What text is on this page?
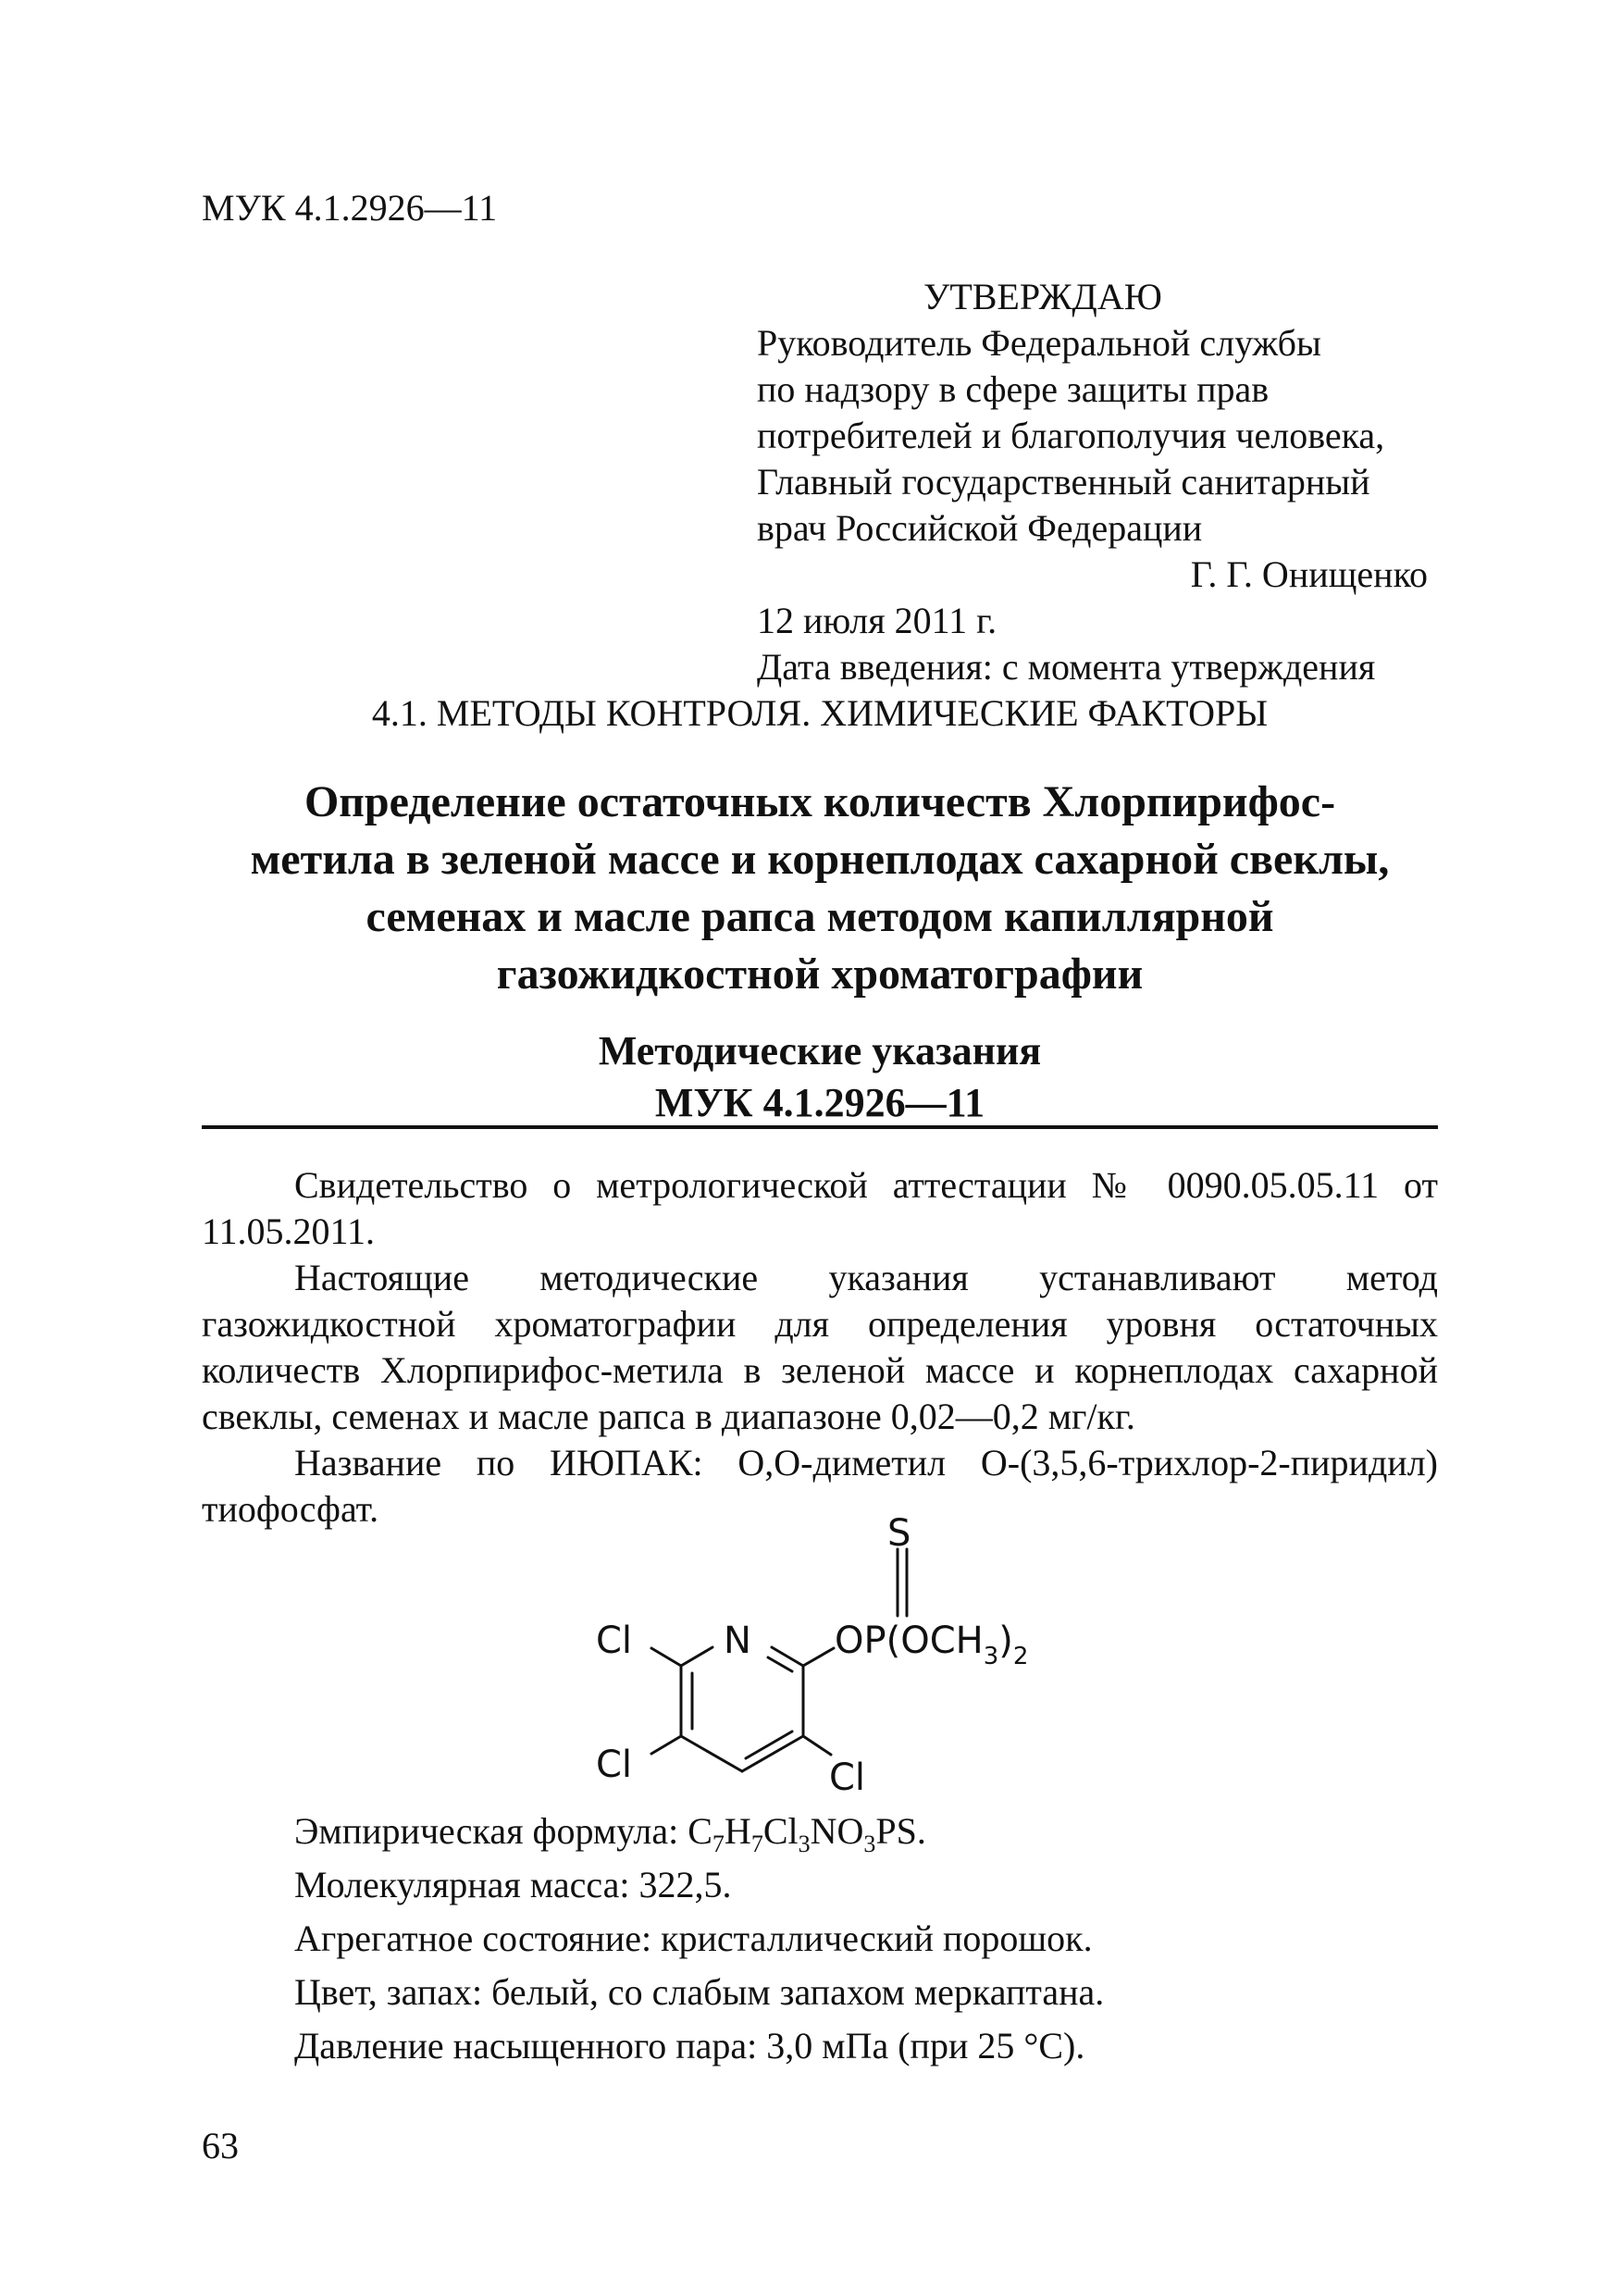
МУК 4.1.2926—11
УТВЕРЖДАЮ
Руководитель Федеральной службы
по надзору в сфере защиты прав
потребителей и благополучия человека,
Главный государственный санитарный
врач Российской Федерации
Г. Г. Онищенко
12 июля 2011 г.
Дата введения: с момента утверждения
4.1. МЕТОДЫ КОНТРОЛЯ. ХИМИЧЕСКИЕ ФАКТОРЫ
Определение остаточных количеств Хлорпирифос-
метила в зеленой массе и корнеплодах сахарной свеклы,
семенах и масле рапса методом капиллярной
газожидкостной хроматографии
Методические указания
МУК 4.1.2926—11

Свидетельство о метрологической аттестации № 0090.05.05.11 от 11.05.2011.

Настоящие методические указания устанавливают метод газожидкостной хроматографии для определения уровня остаточных количеств Хлорпирифос-метила в зеленой массе и корнеплодах сахарной свеклы, семенах и масле рапса в диапазоне 0,02—0,2 мг/кг.

Название по ИЮПАК: О,О-диметил О-(3,5,6-трихлор-2-пиридил) тиофосфат.

S
N
Cl
Cl	Cl
$OP(OCH_3)_2$
Эмпирическая формула: $C_7H_7Cl_3NO_3PS$.
Молекулярная масса: 322,5.
Агрегатное состояние: кристаллический порошок.
Цвет, запах: белый, со слабым запахом меркаптана.
Давление насыщенного пара: 3,0 мПа (при 25 °С).
63
